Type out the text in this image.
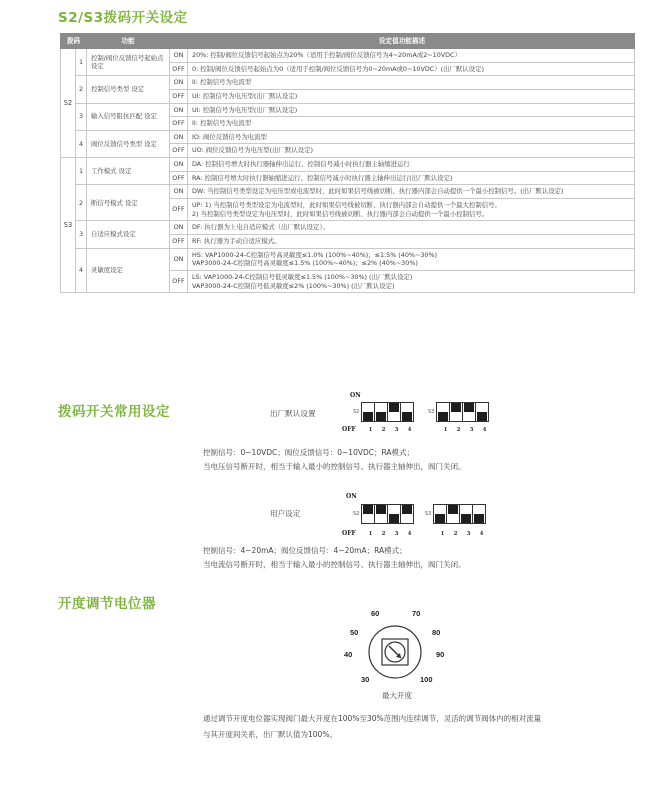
S2/S3拨码开关设定
拨码		功能	设定值功能描述	
S2	1	控制/阀位反馈信号起始点设定	ON	20%: 控制/阀位反馈信号起始点为20%（适用于控制/阀位反馈信号为4~20mA或2~10VDC）
			OFF	0: 控制/阀位反馈信号起始点为0（适用于控制/阀位反馈信号为0~20mA或0~10VDC）(出厂默认设定)
	2	控制信号类型 设定	ON	II: 控制信号为电流型
			OFF	UI: 控制信号为电压型(出厂默认设定)
	3	输入信号阻抗匹配 设定	ON	UI: 控制信号为电压型(出厂默认设定)
			OFF	II: 控制信号为电流型
	4	阀位反馈信号类型 设定	ON	IO: 阀位反馈信号为电流型
			OFF	UO: 阀位反馈信号为电压型(出厂默认设定)
S3	1	工作模式 设定	ON	DA: 控制信号增大时执行器轴伸出运行、控制信号减小时执行器主轴缩进运行
			OFF	RA: 控制信号增大时执行器轴缩进运行、控制信号减小时执行器主轴伸出运行(出厂默认设定)
	2	断信号模式 设定	ON	DW: 当控制信号类型设定为电压型或电流型时，此时如果信号线被切断、执行器内部会自动提供一个最小控制信号。(出厂默认设定)
			OFF	UP: 1) 当控制信号类型设定为电流型时，此时如果信号线被切断、执行器内部会自动提供一个最大控制信号。
2) 当控制信号类型设定为电压型时，此时如果信号线被切断、执行器内部会自动提供一个最小控制信号。
	3	自适应模式设定	ON	DF: 执行器为上电自适应模式（出厂默认设定）。
			OFF	RF: 执行器为手动自适应模式。
	4	灵敏度设定	ON	HS: VAP1000-24-C控制信号高灵敏度≤1.0% (100%~40%)；≤1.5% (40%~30%)
VAP3000-24-C控制信号高灵敏度≤1.5% (100%~40%)；≤2% (40%~30%)
			OFF	LS: VAP1000-24-C控制信号低灵敏度≤1.5% (100%~30%) (出厂默认设定)
VAP3000-24-C控制信号低灵敏度≤2% (100%~30%) (出厂默认设定)
拨码开关常用设定	出厂默认设置
ON
OFF
S2	S3
1	2	3	4	1	2	3	4
控制信号：0~10VDC；阀位反馈信号：0~10VDC；RA模式；
当电压信号断开时，相当于输入最小的控制信号、执行器主轴伸出，阀门关闭。
用户设定
ON
OFF
S2	S3
1	2	3	4	1	2	3	4
控制信号：4~20mA；阀位反馈信号：4~20mA；RA模式；
当电流信号断开时，相当于输入最小的控制信号、执行器主轴伸出，阀门关闭。
开度调节电位器
60	70
50	80
40	90
30	100
最大开度
通过调节开度电位器实现阀门最大开度在100%至30%范围内连续调节，灵活的调节阀体内的相对流量
与其开度间关系，出厂默认值为100%。
